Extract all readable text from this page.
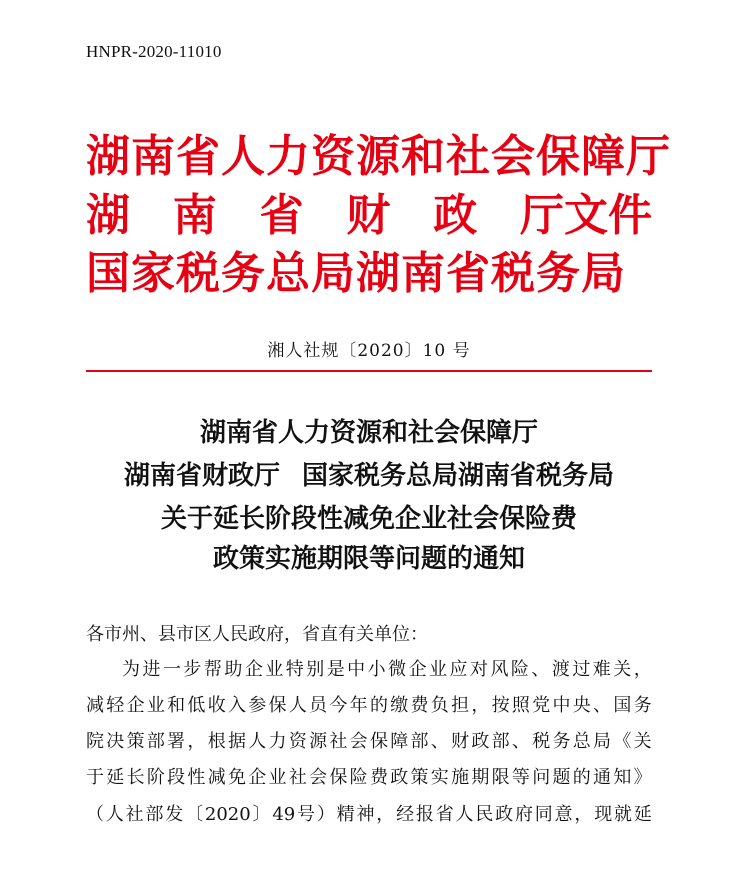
HNPR-2020-11010
湖南省人力资源和社会保障厅
湖 南 省 财 政 厅文件
国家税务总局湖南省税务局
湘人社规〔2020〕10 号
湖南省人力资源和社会保障厅
湖南省财政厅 国家税务总局湖南省税务局
关于延长阶段性减免企业社会保险费
政策实施期限等问题的通知
各市州、县市区人民政府，省直有关单位：
为 进 一 步 帮 助 企 业 特 别 是 中 小 微 企 业 应 对 风 险 、 渡 过 难 关 ，
减 轻 企 业 和 低 收 入 参 保 人 员 今 年 的 缴 费 负 担 ， 按 照 党 中 央 、 国 务
院 决 策 部 署 ， 根 据 人 力 资 源 社 会 保 障 部 、 财 政 部 、 税 务 总 局 《 关
于 延 长 阶 段 性 减 免 企 业 社 会 保 险 费 政 策 实 施 期 限 等 问 题 的 通 知 》
（ 人 社 部 发 〔 2020 〕 49 号 ） 精 神 ， 经 报 省 人 民 政 府 同 意 ， 现 就 延
